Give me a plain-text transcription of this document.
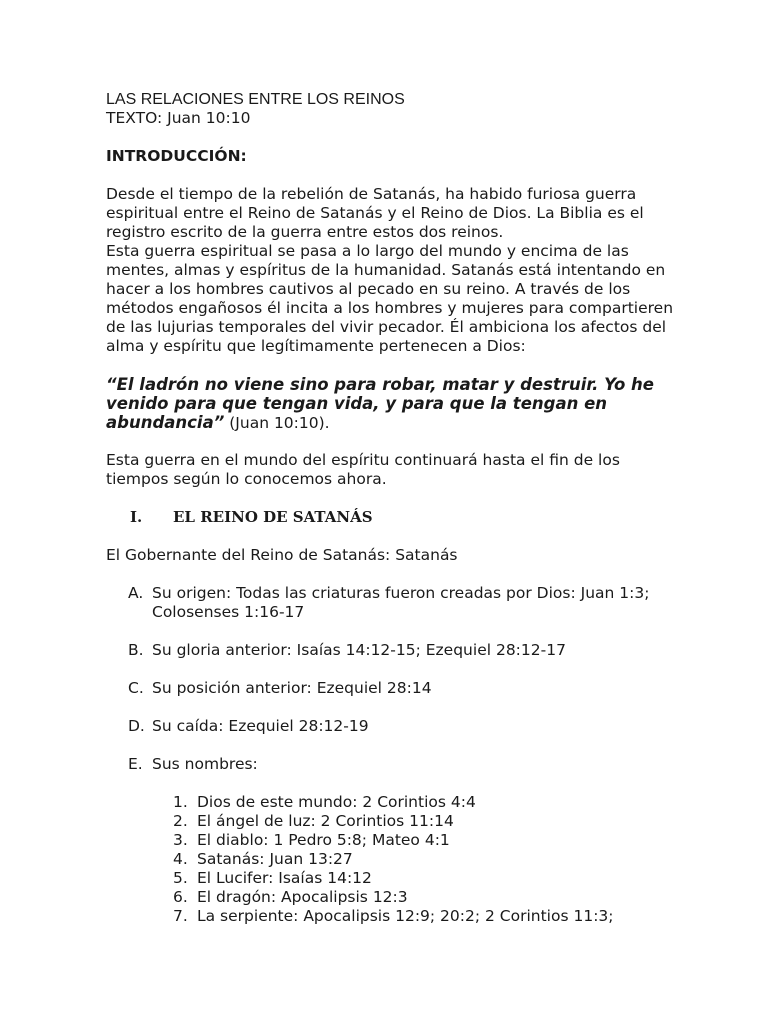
LAS RELACIONES ENTRE LOS REINOS
TEXTO: Juan 10:10
INTRODUCCIÓN:
Desde el tiempo de la rebelión de Satanás, ha habido furiosa guerra
espiritual entre el Reino de Satanás y el Reino de Dios. La Biblia es el
registro escrito de la guerra entre estos dos reinos.
Esta guerra espiritual se pasa a lo largo del mundo y encima de las
mentes, almas y espíritus de la humanidad. Satanás está intentando en
hacer a los hombres cautivos al pecado en su reino. A través de los
métodos engañosos él incita a los hombres y mujeres para compartieren
de las lujurias temporales del vivir pecador. Él ambiciona los afectos del
alma y espíritu que legítimamente pertenecen a Dios:
“El ladrón no viene sino para robar, matar y destruir. Yo he
venido para que tengan vida, y para que la tengan en
abundancia” (Juan 10:10).
Esta guerra en el mundo del espíritu continuará hasta el fin de los
tiempos según lo conocemos ahora.
I.	EL REINO DE SATANÁS
El Gobernante del Reino de Satanás: Satanás
A. Su origen: Todas las criaturas fueron creadas por Dios: Juan 1:3;
Colosenses 1:16-17
B. Su gloria anterior: Isaías 14:12-15; Ezequiel 28:12-17
C. Su posición anterior: Ezequiel 28:14
D. Su caída: Ezequiel 28:12-19
E. Sus nombres:
1. Dios de este mundo: 2 Corintios 4:4
2. El ángel de luz: 2 Corintios 11:14
3. El diablo: 1 Pedro 5:8; Mateo 4:1
4. Satanás: Juan 13:27
5. El Lucifer: Isaías 14:12
6. El dragón: Apocalipsis 12:3
7. La serpiente: Apocalipsis 12:9; 20:2; 2 Corintios 11:3;
